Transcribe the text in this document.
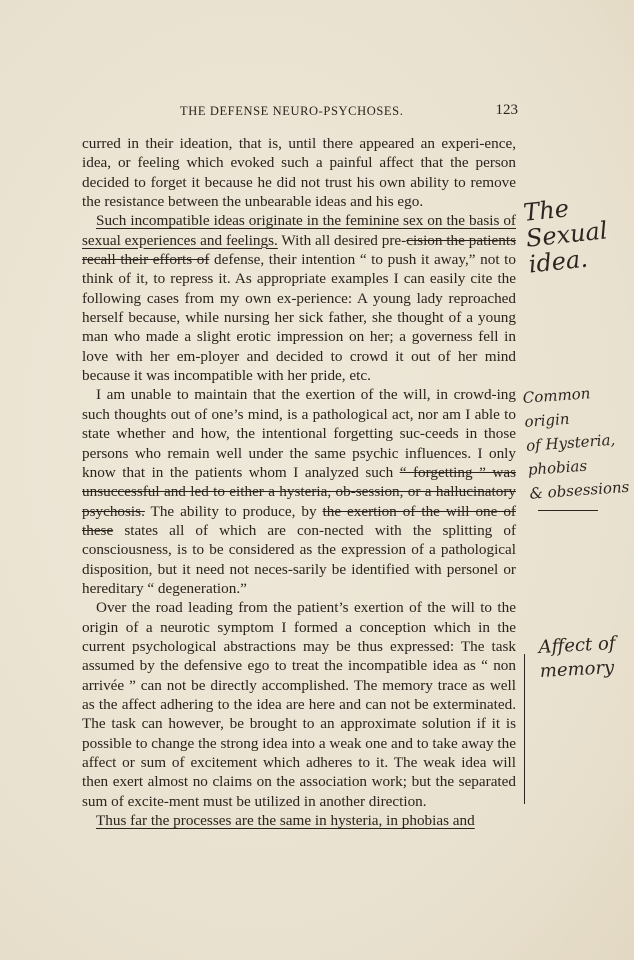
THE DEFENSE NEURO-PSYCHOSES.	123

curred in their ideation, that is, until there appeared an experi-ence, idea, or feeling which evoked such a painful affect that the person decided to forget it because he did not trust his own ability to remove the resistance between the unbearable ideas and his ego.

Such incompatible ideas originate in the feminine sex on the basis of sexual experiences and feelings. With all desired pre-cision the patients recall their efforts of defense, their intention “ to push it away,” not to think of it, to repress it. As appropriate examples I can easily cite the following cases from my own ex-perience: A young lady reproached herself because, while nursing her sick father, she thought of a young man who made a slight erotic impression on her; a governess fell in love with her em-ployer and decided to crowd it out of her mind because it was incompatible with her pride, etc.

I am unable to maintain that the exertion of the will, in crowd-ing such thoughts out of one’s mind, is a pathological act, nor am I able to state whether and how, the intentional forgetting suc-ceeds in those persons who remain well under the same psychic influences. I only know that in the patients whom I analyzed such “ forgetting ” was unsuccessful and led to either a hysteria, ob-session, or a hallucinatory psychosis. The ability to produce, by the exertion of the will one of these states all of which are con-nected with the splitting of consciousness, is to be considered as the expression of a pathological disposition, but it need not neces-sarily be identified with personel or hereditary “ degeneration.”

Over the road leading from the patient’s exertion of the will to the origin of a neurotic symptom I formed a conception which in the current psychological abstractions may be thus expressed: The task assumed by the defensive ego to treat the incompatible idea as “ non arrivée ” can not be directly accomplished. The memory trace as well as the affect adhering to the idea are here and can not be exterminated. The task can however, be brought to an approximate solution if it is possible to change the strong idea into a weak one and to take away the affect or sum of excitement which adheres to it. The weak idea will then exert almost no claims on the association work; but the separated sum of excite-ment must be utilized in another direction.

Thus far the processes are the same in hysteria, in phobias and

The Sexual idea.
Common origin
of Hysteria,
phobias
& obsessions
Affect of
memory
